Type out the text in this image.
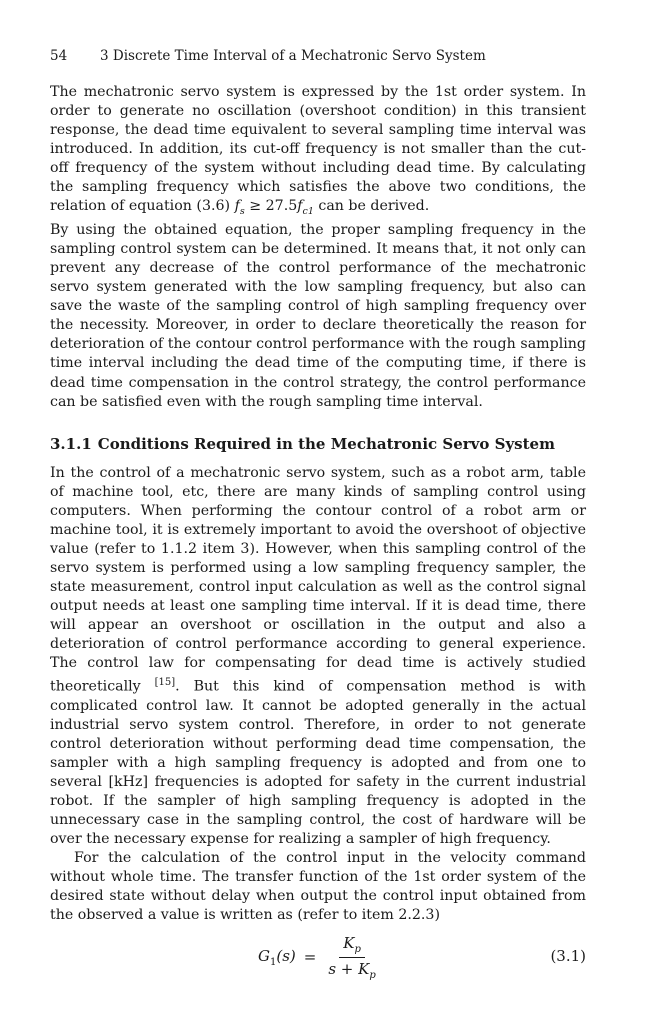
54 3 Discrete Time Interval of a Mechatronic Servo System

The mechatronic servo system is expressed by the 1st order system. In order to generate no oscillation (overshoot condition) in this transient response, the dead time equivalent to several sampling time interval was introduced. In addition, its cut-off frequency is not smaller than the cut-off frequency of the system without including dead time. By calculating the sampling frequency which satisfies the above two conditions, the relation of equation (3.6) $f_s \ge 27.5f_{c1}$ can be derived.

By using the obtained equation, the proper sampling frequency in the sampling control system can be determined. It means that, it not only can prevent any decrease of the control performance of the mechatronic servo system generated with the low sampling frequency, but also can save the waste of the sampling control of high sampling frequency over the necessity. Moreover, in order to declare theoretically the reason for deterioration of the contour control performance with the rough sampling time interval including the dead time of the computing time, if there is dead time compensation in the control strategy, the control performance can be satisfied even with the rough sampling time interval.

3.1.1 Conditions Required in the Mechatronic Servo System

In the control of a mechatronic servo system, such as a robot arm, table of machine tool, etc, there are many kinds of sampling control using computers. When performing the contour control of a robot arm or machine tool, it is extremely important to avoid the overshoot of objective value (refer to 1.1.2 item 3). However, when this sampling control of the servo system is performed using a low sampling frequency sampler, the state measurement, control input calculation as well as the control signal output needs at least one sampling time interval. If it is dead time, there will appear an overshoot or oscillation in the output and also a deterioration of control performance according to general experience. The control law for compensating for dead time is actively studied theoretically [15]. But this kind of compensation method is with complicated control law. It cannot be adopted generally in the actual industrial servo system control. Therefore, in order to not generate control deterioration without performing dead time compensation, the sampler with a high sampling frequency is adopted and from one to several [kHz] frequencies is adopted for safety in the current industrial robot. If the sampler of high sampling frequency is adopted in the unnecessary case in the sampling control, the cost of hardware will be over the necessary expense for realizing a sampler of high frequency.

For the calculation of the control input in the velocity command without whole time. The transfer function of the 1st order system of the desired state without delay when output the control input obtained from the observed a value is written as (refer to item 2.2.3)

$G_1(s) = \frac{K_p}{s + K_p}$	(3.1)
